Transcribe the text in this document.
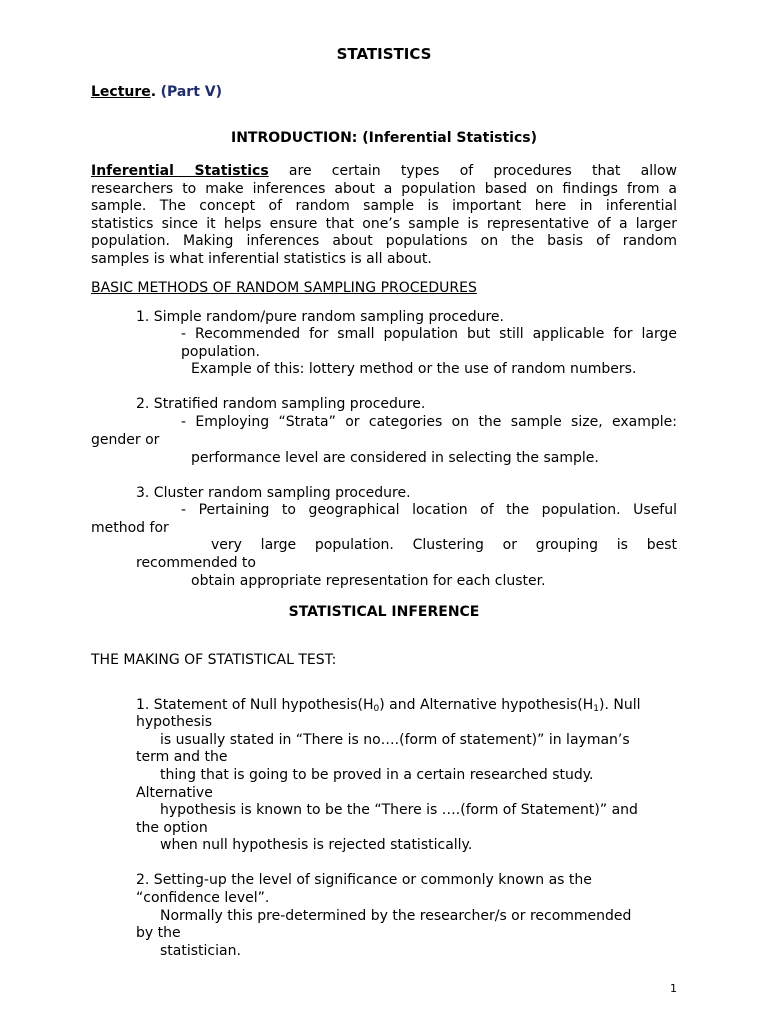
STATISTICS
Lecture. (Part V)
INTRODUCTION: (Inferential Statistics)
Inferential Statistics are certain types of procedures that allow
researchers to make inferences about a population based on findings from a
sample. The concept of random sample is important here in inferential
statistics since it helps ensure that one’s sample is representative of a larger
population. Making inferences about populations on the basis of random
samples is what inferential statistics is all about.
BASIC METHODS OF RANDOM SAMPLING PROCEDURES
1. Simple random/pure random sampling procedure.
- Recommended for small population but still applicable for large
population.
Example of this: lottery method or the use of random numbers.
2. Stratified random sampling procedure.
- Employing “Strata” or categories on the sample size, example:
gender or
performance level are considered in selecting the sample.
3. Cluster random sampling procedure.
- Pertaining to geographical location of the population. Useful
method for
very large population. Clustering or grouping is best
recommended to
obtain appropriate representation for each cluster.
STATISTICAL INFERENCE
THE MAKING OF STATISTICAL TEST:
1. Statement of Null $hypothesis(H_0)$ and Alternative $hypothesis(H_1)$. Null
hypothesis
is usually stated in “There is no….(form of statement)” in layman’s
term and the
thing that is going to be proved in a certain researched study.
Alternative
hypothesis is known to be the “There is ….(form of Statement)” and
the option
when null hypothesis is rejected statistically.
2. Setting-up the level of significance or commonly known as the
“confidence level”.
Normally this pre-determined by the researcher/s or recommended
by the
statistician.
1
